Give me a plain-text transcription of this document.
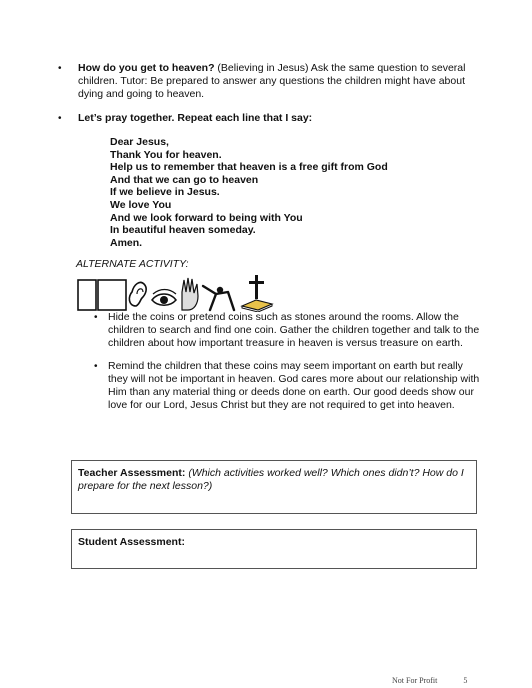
•	How do you get to heaven? (Believing in Jesus) Ask the same question to several children. Tutor: Be prepared to answer any questions the children might have about dying and going to heaven.
•	Let’s pray together. Repeat each line that I say:
Dear Jesus,
Thank You for heaven.
Help us to remember that heaven is a free gift from God
And that we can go to heaven
If we believe in Jesus.
We love You
And we look forward to being with You
In beautiful heaven someday.
Amen.
ALTERNATE ACTIVITY:
• Hide the coins or pretend coins such as stones around the rooms. Allow the children to search and find one coin. Gather the children together and talk to the children about how important treasure in heaven is versus treasure on earth.
• Remind the children that these coins may seem important on earth but really they will not be important in heaven. God cares more about our relationship with Him than any material thing or deeds done on earth. Our good deeds show our love for our Lord, Jesus Christ but they are not required to get into heaven.
Teacher Assessment: (Which activities worked well? Which ones didn’t? How do I prepare for the next lesson?)
Student Assessment:
Not For Profit	5
